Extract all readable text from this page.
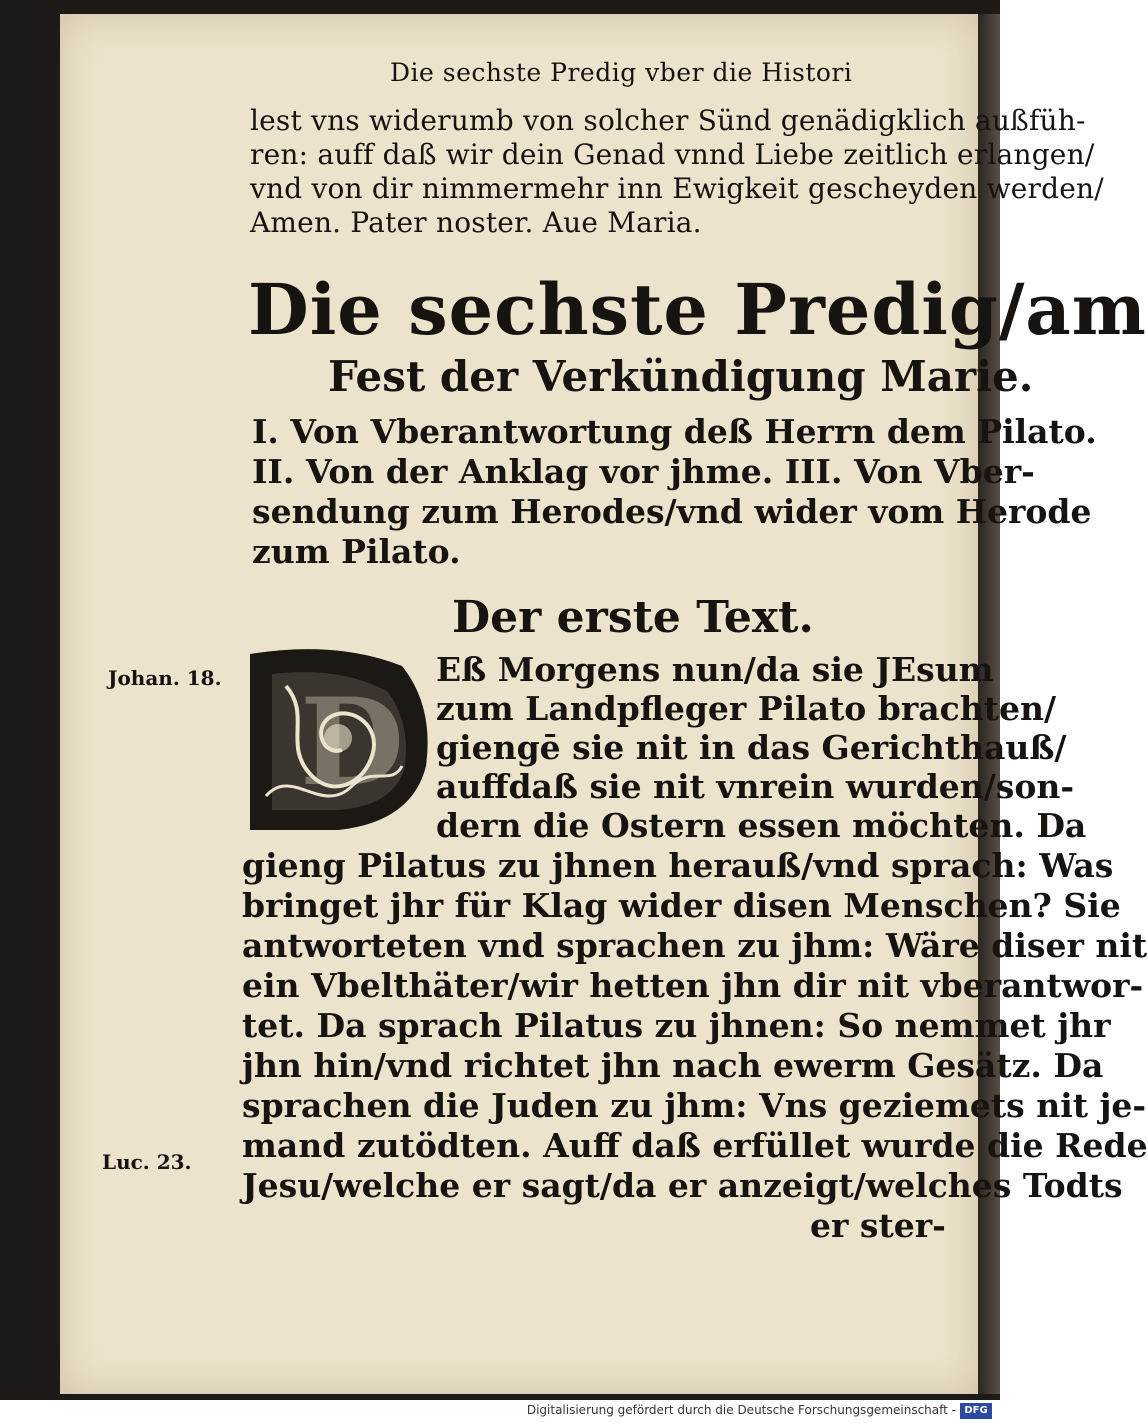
Die sechste Predig vber die Histori
lest vns widerumb von solcher Sünd genädigklich außfüh-
ren: auff daß wir dein Genad vnnd Liebe zeitlich erlangen/
vnd von dir nimmermehr inn Ewigkeit gescheyden werden/
Amen. Pater noster. Aue Maria.
Die sechste Predig/am
Fest der Verkündigung Marie.
I. Von Vberantwortung deß Herrn dem Pilato.
II. Von der Anklag vor jhme. III. Von Vber-
sendung zum Herodes/vnd wider vom Herode
zum Pilato.
Der erste Text.
Johan. 18.
Luc. 23.
D
Eß Morgens nun/da sie JEsum
zum Landpfleger Pilato brachten/
giengē sie nit in das Gerichthauß/
auffdaß sie nit vnrein wurden/son-
dern die Ostern essen möchten. Da
gieng Pilatus zu jhnen herauß/vnd sprach: Was
bringet jhr für Klag wider disen Menschen? Sie
antworteten vnd sprachen zu jhm: Wäre diser nit
ein Vbelthäter/wir hetten jhn dir nit vberantwor-
tet. Da sprach Pilatus zu jhnen: So nemmet jhr
jhn hin/vnd richtet jhn nach ewerm Gesätz. Da
sprachen die Juden zu jhm: Vns geziemets nit je-
mand zutödten. Auff daß erfüllet wurde die Rede
Jesu/welche er sagt/da er anzeigt/welches Todts
er ster-
Digitalisierung gefördert durch die Deutsche Forschungsgemeinschaft - DFG
